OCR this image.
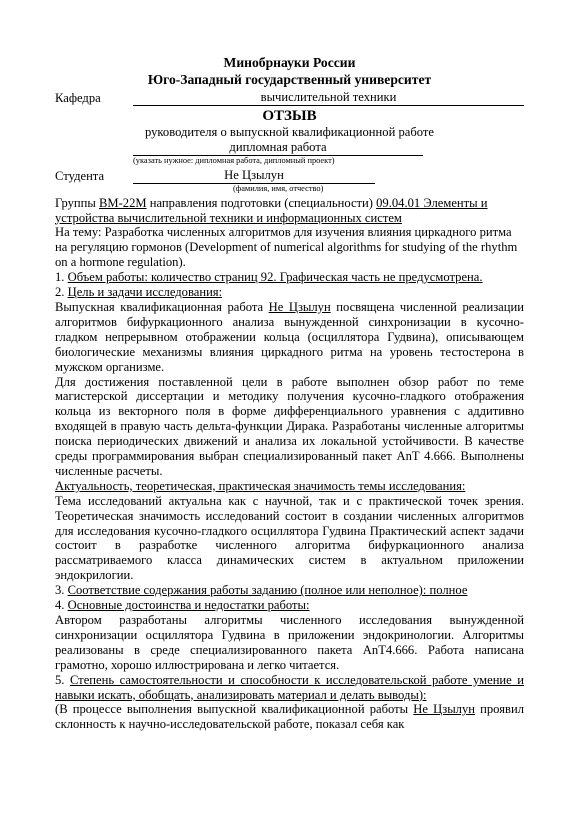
Минобрнауки России
Юго-Западный государственный университет
Кафедра	вычислительной техники
ОТЗЫВ
руководителя о выпускной квалификационной работе
дипломная работа
(указать нужное: дипломная работа, дипломный проект)
Студента	Не Цзылун
(фамилия, имя, отчество)
Группы ВМ-22М направления подготовки (специальности) 09.04.01 Элементы и
устройства вычислительной техники и информационных систем
На тему: Разработка численных алгоритмов для изучения влияния циркадного ритма на регуляцию гормонов (Development of numerical algorithms for studying of the rhythm on a hormone regulation).
1. Объем работы: количество страниц 92. Графическая часть не предусмотрена.
2. Цель и задачи исследования:
Выпускная квалификационная работа Не Цзылун посвящена численной реализации алгоритмов бифуркационного анализа вынужденной синхронизации в кусочно-гладком непрерывном отображении кольца (осциллятора Гудвина), описывающем биологические механизмы влияния циркадного ритма на уровень тестостерона в мужском организме.
Для достижения поставленной цели в работе выполнен обзор работ по теме магистерской диссертации и методику получения кусочно-гладкого отображения кольца из векторного поля в форме дифференциального уравнения с аддитивно входящей в правую часть дельта-функции Дирака. Разработаны численные алгоритмы поиска периодических движений и анализа их локальной устойчивости. В качестве среды программирования выбран специализированный пакет AnT 4.666. Выполнены численные расчеты.
Актуальность, теоретическая, практическая значимость темы исследования:
Тема исследований актуальна как с научной, так и с практической точек зрения. Теоретическая значимость исследований состоит в создании численных алгоритмов для исследования кусочно-гладкого осциллятора Гудвина Практический аспект задачи состоит в разработке численного алгоритма бифуркационного анализа рассматриваемого класса динамических систем в актуальном приложении эндокрилогии.
3. Соответствие содержания работы заданию (полное или неполное): полное
4. Основные достоинства и недостатки работы:
Автором разработаны алгоритмы численного исследования вынужденной синхронизации осциллятора Гудвина в приложении эндокринологии. Алгоритмы реализованы в среде специализированного пакета AnT4.666. Работа написана грамотно, хорошо иллюстрирована и легко читается.
5. Степень самостоятельности и способности к исследовательской работе умение и навыки искать, обобщать, анализировать материал и делать выводы):
(В процессе выполнения выпускной квалификационной работы Не Цзылун проявил склонность к научно-исследовательской работе, показал себя как
